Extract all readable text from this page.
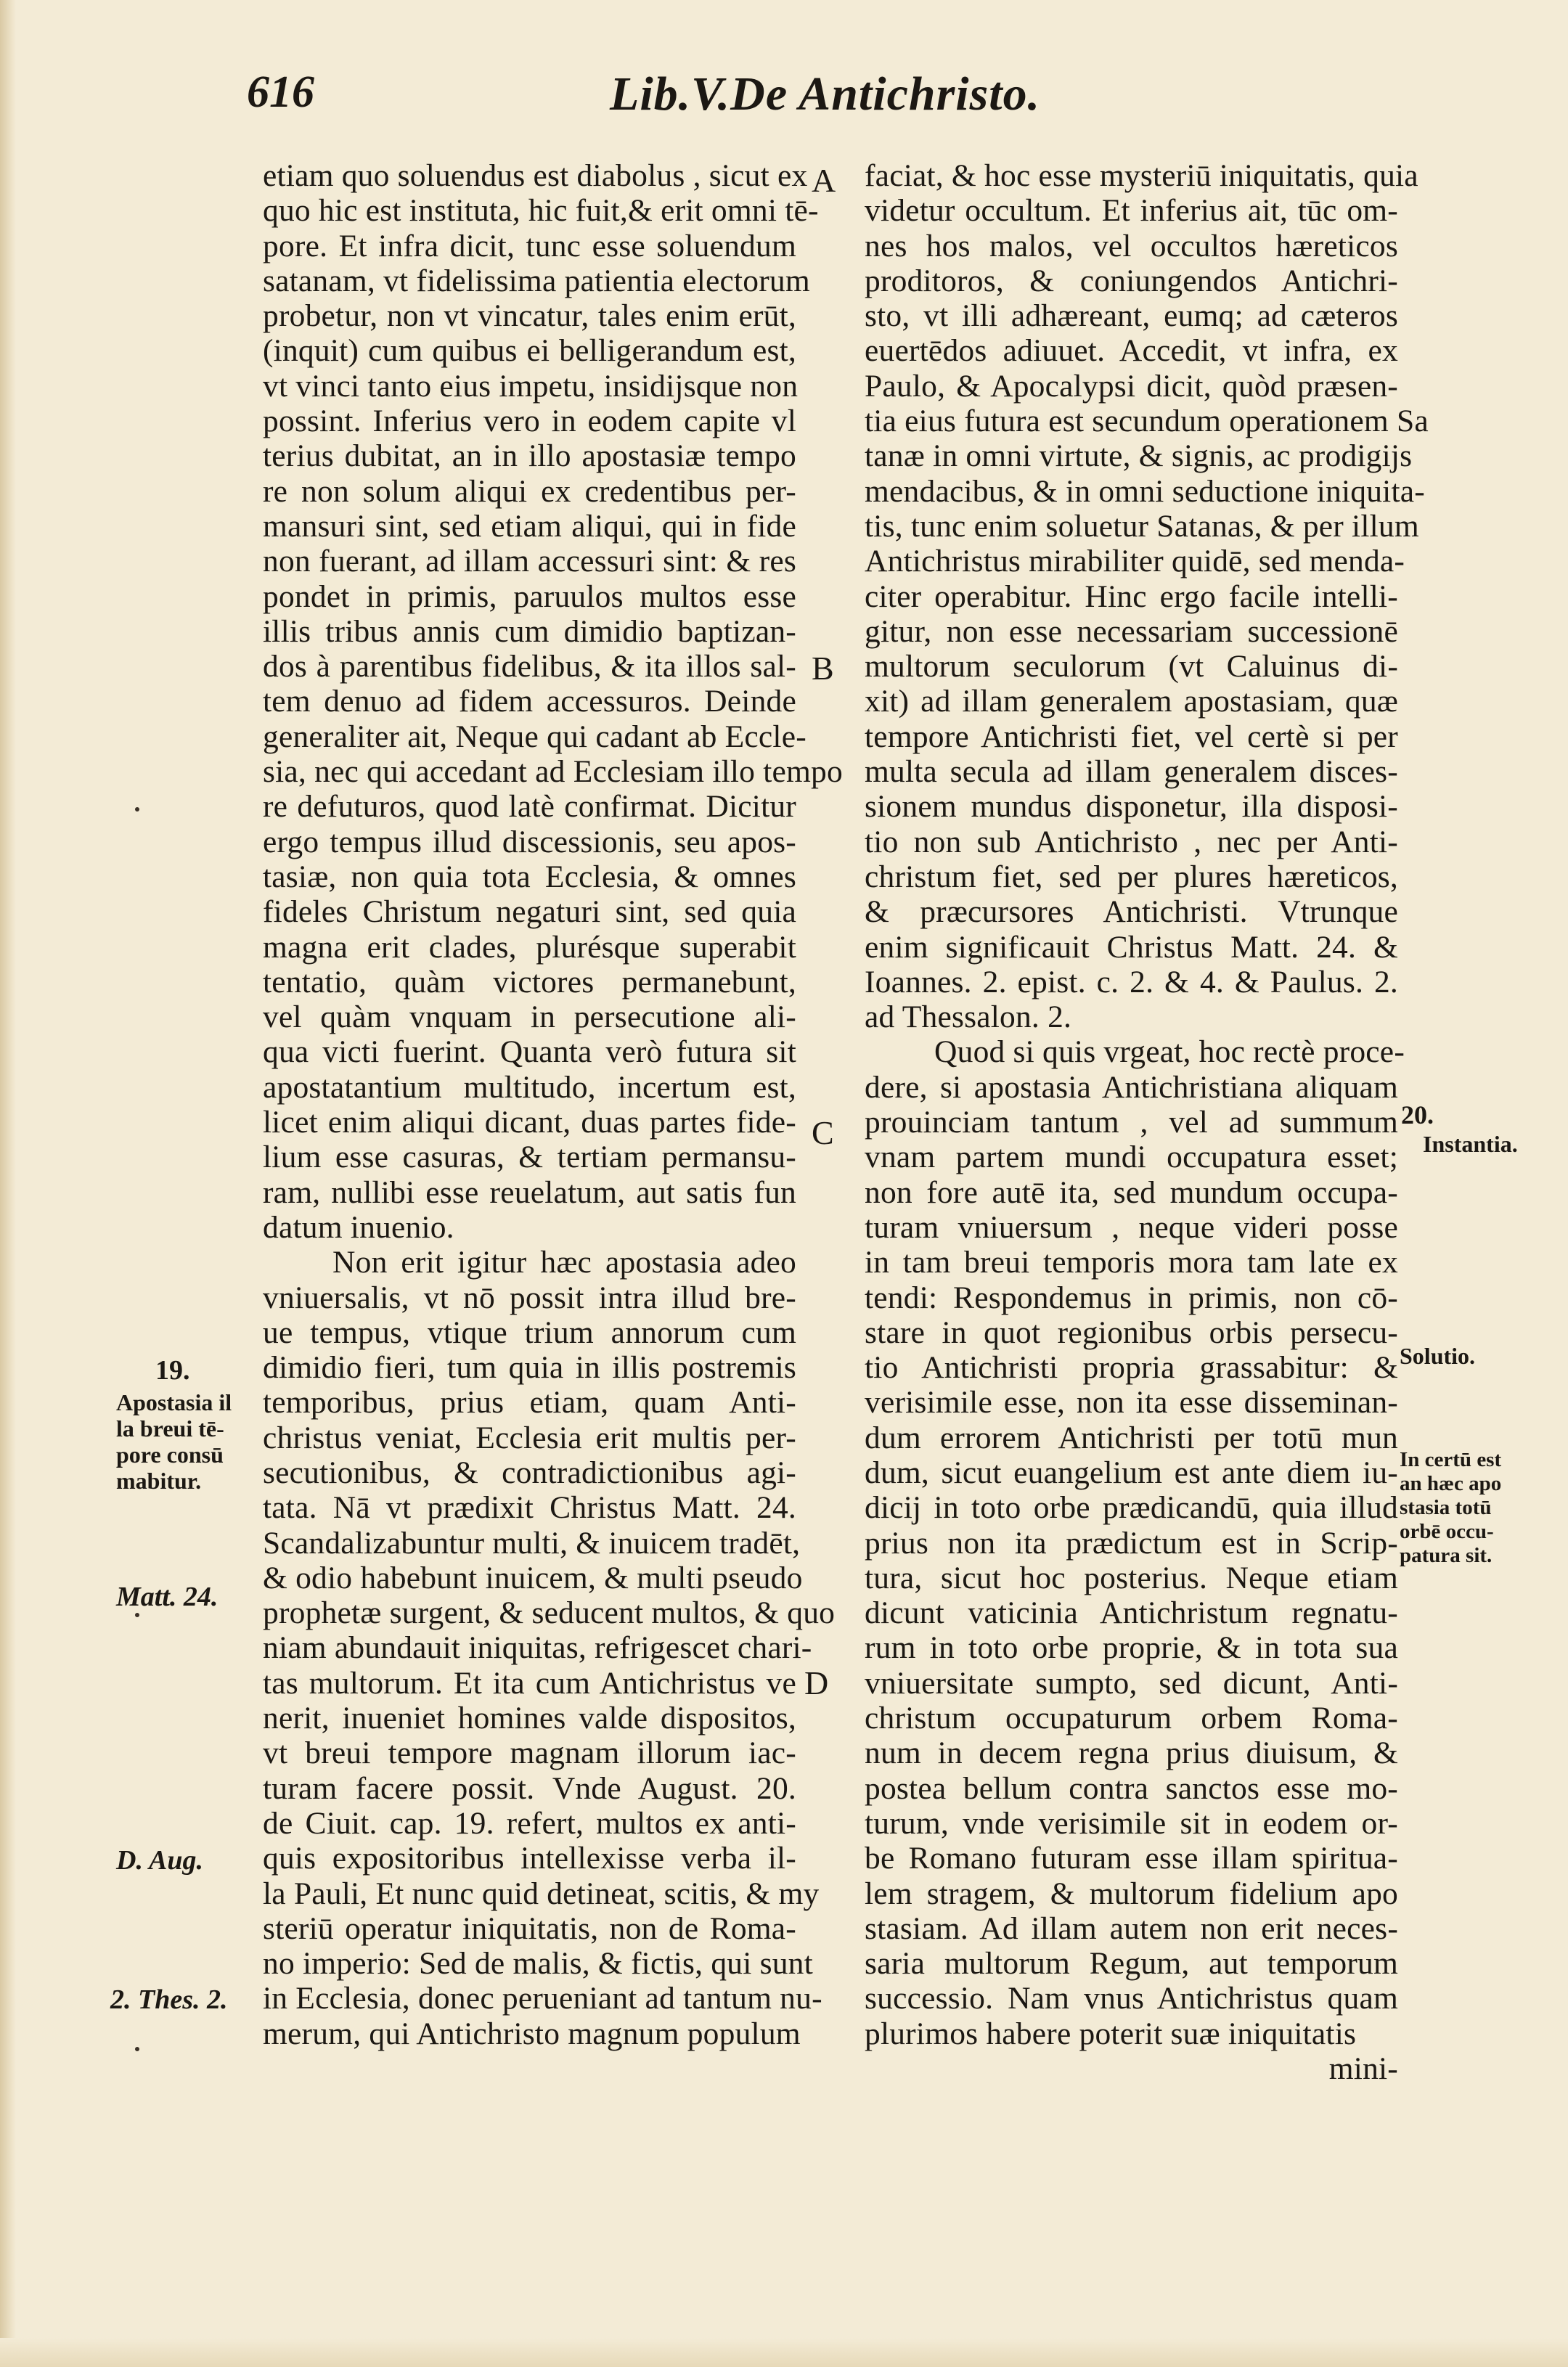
616	Lib.V.De Antichristo.
etiam quo soluendus est diabolus , sicut ex
quo hic est instituta, hic fuit,& erit omni tē-
pore. Et infra dicit, tunc esse soluendum
satanam, vt fidelissima patientia electorum
probetur, non vt vincatur, tales enim erūt,
(inquit) cum quibus ei belligerandum est,
vt vinci tanto eius impetu, insidijsque non
possint. Inferius vero in eodem capite vl
terius dubitat, an in illo apostasiæ tempo
re non solum aliqui ex credentibus per-
mansuri sint, sed etiam aliqui, qui in fide
non fuerant, ad illam accessuri sint: & res
pondet in primis, paruulos multos esse
illis tribus annis cum dimidio baptizan-
dos à parentibus fidelibus, & ita illos sal-
tem denuo ad fidem accessuros. Deinde
generaliter ait, Neque qui cadant ab Eccle-
sia, nec qui accedant ad Ecclesiam illo tempo
re defuturos, quod latè confirmat. Dicitur
ergo tempus illud discessionis, seu apos-
tasiæ, non quia tota Ecclesia, & omnes
fideles Christum negaturi sint, sed quia
magna erit clades, plurésque superabit
tentatio, quàm victores permanebunt,
vel quàm vnquam in persecutione ali-
qua victi fuerint. Quanta verò futura sit
apostatantium multitudo, incertum est,
licet enim aliqui dicant, duas partes fide-
lium esse casuras, & tertiam permansu-
ram, nullibi esse reuelatum, aut satis fun
datum inuenio.
Non erit igitur hæc apostasia adeo
vniuersalis, vt nō possit intra illud bre-
ue tempus, vtique trium annorum cum
dimidio fieri, tum quia in illis postremis
temporibus, prius etiam, quam Anti-
christus veniat, Ecclesia erit multis per-
secutionibus, & contradictionibus agi-
tata. Nā vt prædixit Christus Matt. 24.
Scandalizabuntur multi, & inuicem tradēt,
& odio habebunt inuicem, & multi pseudo
prophetæ surgent, & seducent multos, & quo
niam abundauit iniquitas, refrigescet chari-
tas multorum. Et ita cum Antichristus ve
nerit, inueniet homines valde dispositos,
vt breui tempore magnam illorum iac-
turam facere possit. Vnde August. 20.
de Ciuit. cap. 19. refert, multos ex anti-
quis expositoribus intellexisse verba il-
la Pauli, Et nunc quid detineat, scitis, & my
steriū operatur iniquitatis, non de Roma-
no imperio: Sed de malis, & fictis, qui sunt
in Ecclesia, donec perueniant ad tantum nu-
merum, qui Antichristo magnum populum
faciat, & hoc esse mysteriū iniquitatis, quia
videtur occultum. Et inferius ait, tūc om-
nes hos malos, vel occultos hæreticos
proditoros, & coniungendos Antichri-
sto, vt illi adhæreant, eumq; ad cæteros
euertēdos adiuuet. Accedit, vt infra, ex
Paulo, & Apocalypsi dicit, quòd præsen-
tia eius futura est secundum operationem Sa
tanæ in omni virtute, & signis, ac prodigijs
mendacibus, & in omni seductione iniquita-
tis, tunc enim soluetur Satanas, & per illum
Antichristus mirabiliter quidē, sed menda-
citer operabitur. Hinc ergo facile intelli-
gitur, non esse necessariam successionē
multorum seculorum (vt Caluinus di-
xit) ad illam generalem apostasiam, quæ
tempore Antichristi fiet, vel certè si per
multa secula ad illam generalem disces-
sionem mundus disponetur, illa disposi-
tio non sub Antichristo , nec per Anti-
christum fiet, sed per plures hæreticos,
& præcursores Antichristi. Vtrunque
enim significauit Christus Matt. 24. &
Ioannes. 2. epist. c. 2. & 4. & Paulus. 2.
ad Thessalon. 2.
Quod si quis vrgeat, hoc rectè proce-
dere, si apostasia Antichristiana aliquam
prouinciam tantum , vel ad summum
vnam partem mundi occupatura esset;
non fore autē ita, sed mundum occupa-
turam vniuersum , neque videri posse
in tam breui temporis mora tam late ex
tendi: Respondemus in primis, non cō-
stare in quot regionibus orbis persecu-
tio Antichristi propria grassabitur: &
verisimile esse, non ita esse disseminan-
dum errorem Antichristi per totū mun
dum, sicut euangelium est ante diem iu-
dicij in toto orbe prædicandū, quia illud
prius non ita prædictum est in Scrip-
tura, sicut hoc posterius. Neque etiam
dicunt vaticinia Antichristum regnatu-
rum in toto orbe proprie, & in tota sua
vniuersitate sumpto, sed dicunt, Anti-
christum occupaturum orbem Roma-
num in decem regna prius diuisum, &
postea bellum contra sanctos esse mo-
turum, vnde verisimile sit in eodem or-
be Romano futuram esse illam spiritua-
lem stragem, & multorum fidelium apo
stasiam. Ad illam autem non erit neces-
saria multorum Regum, aut temporum
successio. Nam vnus Antichristus quam
plurimos habere poterit suæ iniquitatis
mini-
A
B
C
D
19.
Apostasia il
la breui tē-
pore consū
mabitur.
Matt. 24.
D. Aug.
2. Thes. 2.
20.
Instantia.
Solutio.
In certū est
an hæc apo
stasia totū
orbē occu-
patura sit.
